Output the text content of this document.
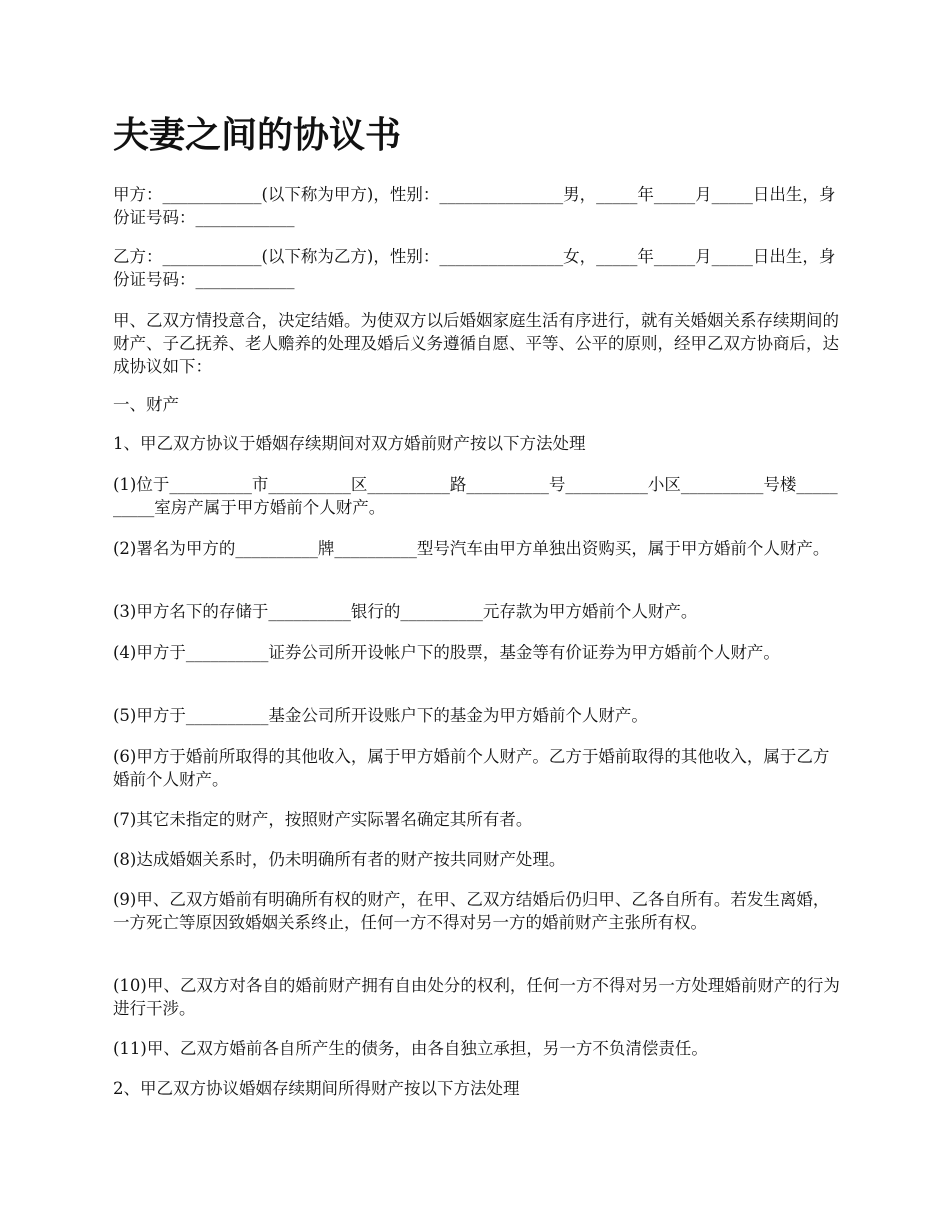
夫妻之间的协议书

甲方：____________(以下称为甲方)，性别：_______________男，_____年_____月_____日出生，身份证号码：____________

乙方：____________(以下称为乙方)，性别：_______________女，_____年_____月_____日出生，身份证号码：____________

甲、乙双方情投意合，决定结婚。为使双方以后婚姻家庭生活有序进行，就有关婚姻关系存续期间的财产、子乙抚养、老人赡养的处理及婚后义务遵循自愿、平等、公平的原则，经甲乙双方协商后，达成协议如下：

一、财产

1、甲乙双方协议于婚姻存续期间对双方婚前财产按以下方法处理

(1)位于__________市__________区__________路__________号__________小区__________号楼__________室房产属于甲方婚前个人财产。

(2)署名为甲方的__________牌__________型号汽车由甲方单独出资购买，属于甲方婚前个人财产。

(3)甲方名下的存储于__________银行的__________元存款为甲方婚前个人财产。

(4)甲方于__________证券公司所开设帐户下的股票，基金等有价证券为甲方婚前个人财产。

(5)甲方于__________基金公司所开设账户下的基金为甲方婚前个人财产。

(6)甲方于婚前所取得的其他收入，属于甲方婚前个人财产。乙方于婚前取得的其他收入，属于乙方婚前个人财产。

(7)其它未指定的财产，按照财产实际署名确定其所有者。

(8)达成婚姻关系时，仍未明确所有者的财产按共同财产处理。

(9)甲、乙双方婚前有明确所有权的财产，在甲、乙双方结婚后仍归甲、乙各自所有。若发生离婚，一方死亡等原因致婚姻关系终止，任何一方不得对另一方的婚前财产主张所有权。

(10)甲、乙双方对各自的婚前财产拥有自由处分的权利，任何一方不得对另一方处理婚前财产的行为进行干涉。

(11)甲、乙双方婚前各自所产生的债务，由各自独立承担，另一方不负清偿责任。

2、甲乙双方协议婚姻存续期间所得财产按以下方法处理
